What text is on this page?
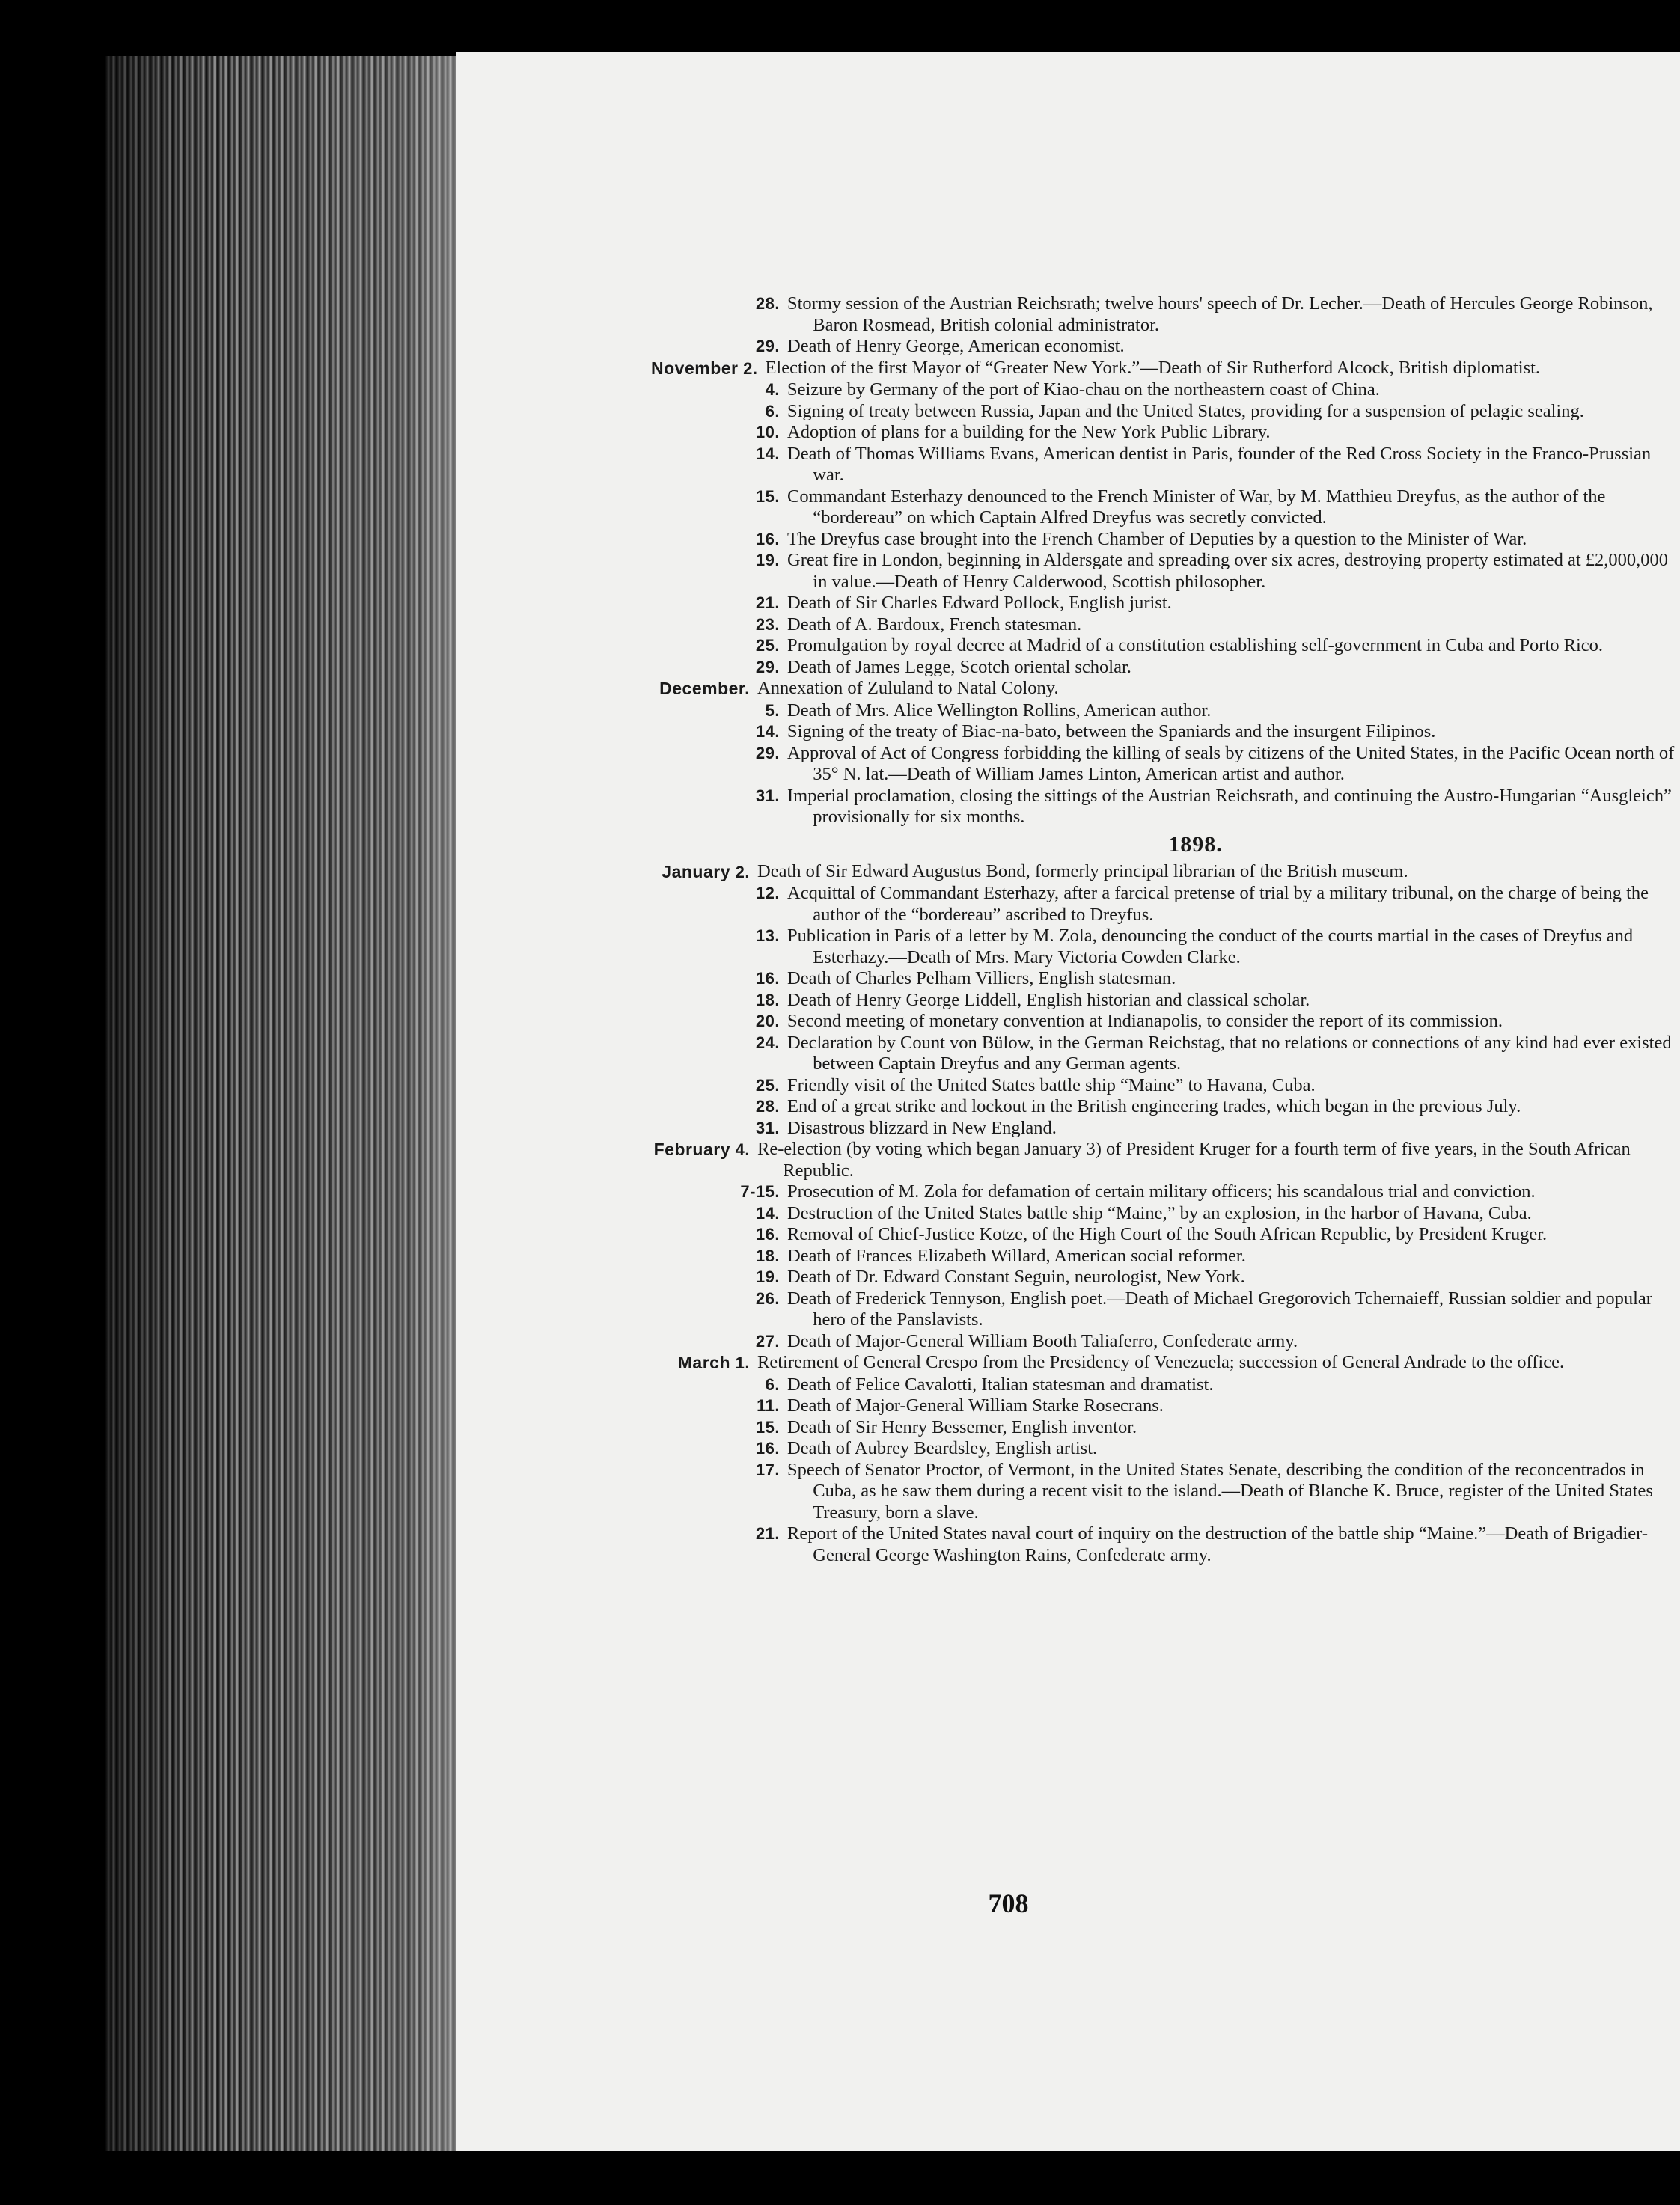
28. Stormy session of the Austrian Reichsrath; twelve hours' speech of Dr. Lecher.—Death of Hercules George Robinson, Baron Rosmead, British colonial administrator.
29. Death of Henry George, American economist.
November 2. Election of the first Mayor of “Greater New York.”—Death of Sir Rutherford Alcock, British diplomatist.
4. Seizure by Germany of the port of Kiao-chau on the northeastern coast of China.
6. Signing of treaty between Russia, Japan and the United States, providing for a suspension of pelagic sealing.
10. Adoption of plans for a building for the New York Public Library.
14. Death of Thomas Williams Evans, American dentist in Paris, founder of the Red Cross Society in the Franco-Prussian war.
15. Commandant Esterhazy denounced to the French Minister of War, by M. Matthieu Dreyfus, as the author of the “bordereau” on which Captain Alfred Dreyfus was secretly convicted.
16. The Dreyfus case brought into the French Chamber of Deputies by a question to the Minister of War.
19. Great fire in London, beginning in Aldersgate and spreading over six acres, destroying property estimated at £2,000,000 in value.—Death of Henry Calderwood, Scottish philosopher.
21. Death of Sir Charles Edward Pollock, English jurist.
23. Death of A. Bardoux, French statesman.
25. Promulgation by royal decree at Madrid of a constitution establishing self-government in Cuba and Porto Rico.
29. Death of James Legge, Scotch oriental scholar.
December. Annexation of Zululand to Natal Colony.
5. Death of Mrs. Alice Wellington Rollins, American author.
14. Signing of the treaty of Biac-na-bato, between the Spaniards and the insurgent Filipinos.
29. Approval of Act of Congress forbidding the killing of seals by citizens of the United States, in the Pacific Ocean north of 35° N. lat.—Death of William James Linton, American artist and author.
31. Imperial proclamation, closing the sittings of the Austrian Reichsrath, and continuing the Austro-Hungarian “Ausgleich” provisionally for six months.
1898.
January 2. Death of Sir Edward Augustus Bond, formerly principal librarian of the British museum.
12. Acquittal of Commandant Esterhazy, after a farcical pretense of trial by a military tribunal, on the charge of being the author of the “bordereau” ascribed to Dreyfus.
13. Publication in Paris of a letter by M. Zola, denouncing the conduct of the courts martial in the cases of Dreyfus and Esterhazy.—Death of Mrs. Mary Victoria Cowden Clarke.
16. Death of Charles Pelham Villiers, English statesman.
18. Death of Henry George Liddell, English historian and classical scholar.
20. Second meeting of monetary convention at Indianapolis, to consider the report of its commission.
24. Declaration by Count von Bülow, in the German Reichstag, that no relations or connections of any kind had ever existed between Captain Dreyfus and any German agents.
25. Friendly visit of the United States battle ship “Maine” to Havana, Cuba.
28. End of a great strike and lockout in the British engineering trades, which began in the previous July.
31. Disastrous blizzard in New England.
February 4. Re-election (by voting which began January 3) of President Kruger for a fourth term of five years, in the South African Republic.
7-15. Prosecution of M. Zola for defamation of certain military officers; his scandalous trial and conviction.
14. Destruction of the United States battle ship “Maine,” by an explosion, in the harbor of Havana, Cuba.
16. Removal of Chief-Justice Kotze, of the High Court of the South African Republic, by President Kruger.
18. Death of Frances Elizabeth Willard, American social reformer.
19. Death of Dr. Edward Constant Seguin, neurologist, New York.
26. Death of Frederick Tennyson, English poet.—Death of Michael Gregorovich Tchernaieff, Russian soldier and popular hero of the Panslavists.
27. Death of Major-General William Booth Taliaferro, Confederate army.
March 1. Retirement of General Crespo from the Presidency of Venezuela; succession of General Andrade to the office.
6. Death of Felice Cavalotti, Italian statesman and dramatist.
11. Death of Major-General William Starke Rosecrans.
15. Death of Sir Henry Bessemer, English inventor.
16. Death of Aubrey Beardsley, English artist.
17. Speech of Senator Proctor, of Vermont, in the United States Senate, describing the condition of the reconcentrados in Cuba, as he saw them during a recent visit to the island.—Death of Blanche K. Bruce, register of the United States Treasury, born a slave.
21. Report of the United States naval court of inquiry on the destruction of the battle ship “Maine.”—Death of Brigadier-General George Washington Rains, Confederate army.
708
